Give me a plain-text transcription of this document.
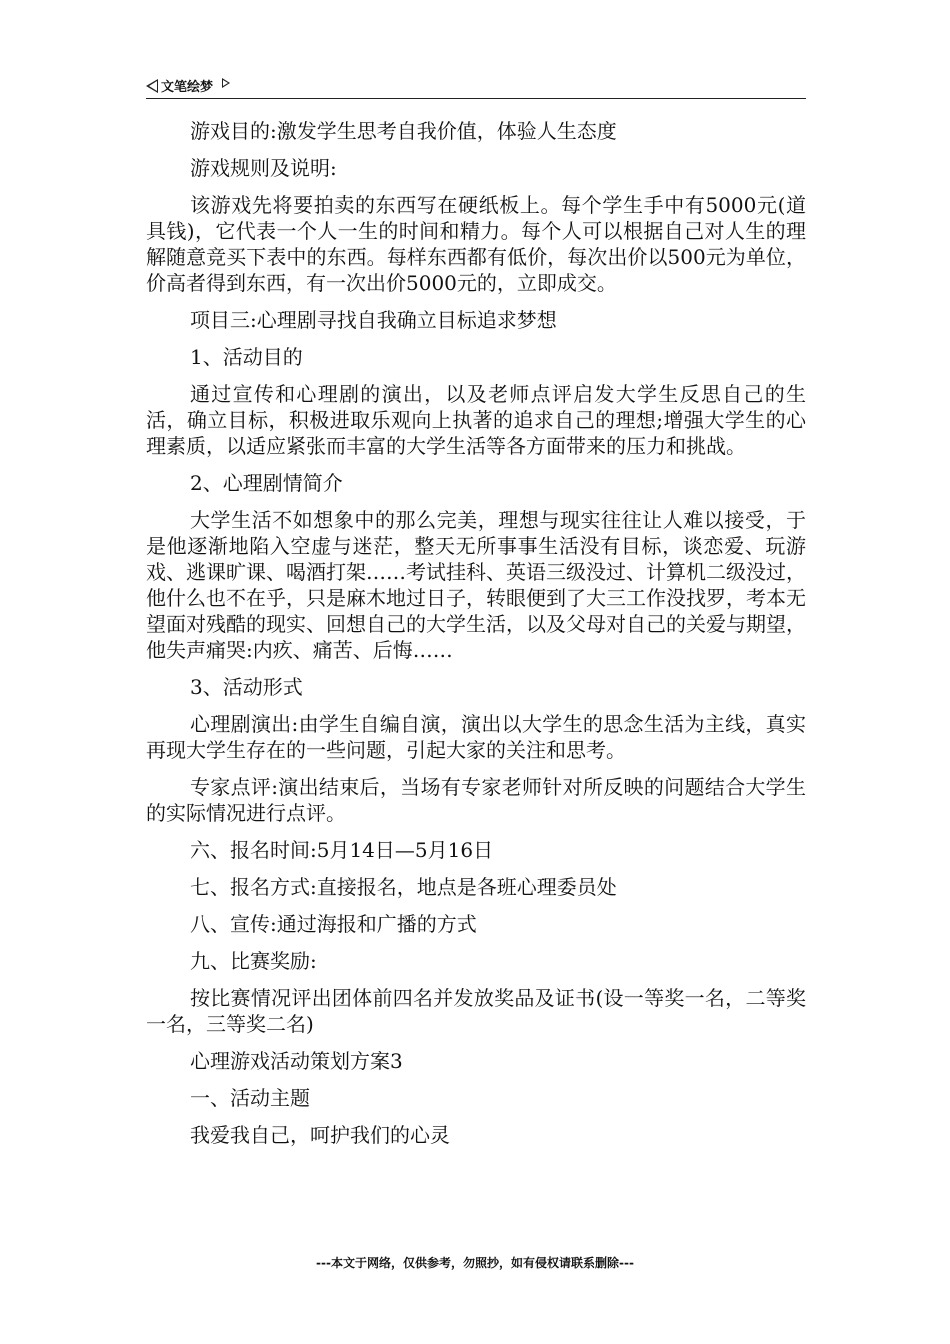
文笔绘梦

游戏目的:激发学生思考自我价值，体验人生态度

游戏规则及说明:

该游戏先将要拍卖的东西写在硬纸板上。每个学生手中有5000元(道具钱)，它代表一个人一生的时间和精力。每个人可以根据自己对人生的理解随意竞买下表中的东西。每样东西都有低价，每次出价以500元为单位，价高者得到东西，有一次出价5000元的，立即成交。

项目三:心理剧寻找自我确立目标追求梦想

1、活动目的

通过宣传和心理剧的演出，以及老师点评启发大学生反思自己的生活，确立目标，积极进取乐观向上执著的追求自己的理想;增强大学生的心理素质，以适应紧张而丰富的大学生活等各方面带来的压力和挑战。

2、心理剧情简介

大学生活不如想象中的那么完美，理想与现实往往让人难以接受，于是他逐渐地陷入空虚与迷茫，整天无所事事生活没有目标，谈恋爱、玩游戏、逃课旷课、喝酒打架……考试挂科、英语三级没过、计算机二级没过，他什么也不在乎，只是麻木地过日子，转眼便到了大三工作没找罗，考本无望面对残酷的现实、回想自己的大学生活，以及父母对自己的关爱与期望，他失声痛哭:内疚、痛苦、后悔……

3、活动形式

心理剧演出:由学生自编自演，演出以大学生的思念生活为主线，真实再现大学生存在的一些问题，引起大家的关注和思考。

专家点评:演出结束后，当场有专家老师针对所反映的问题结合大学生的实际情况进行点评。

六、报名时间:5月14日—5月16日

七、报名方式:直接报名，地点是各班心理委员处

八、宣传:通过海报和广播的方式

九、比赛奖励:

按比赛情况评出团体前四名并发放奖品及证书(设一等奖一名，二等奖一名，三等奖二名)

心理游戏活动策划方案3

一、活动主题

我爱我自己，呵护我们的心灵

---本文于网络，仅供参考，勿照抄，如有侵权请联系删除---
